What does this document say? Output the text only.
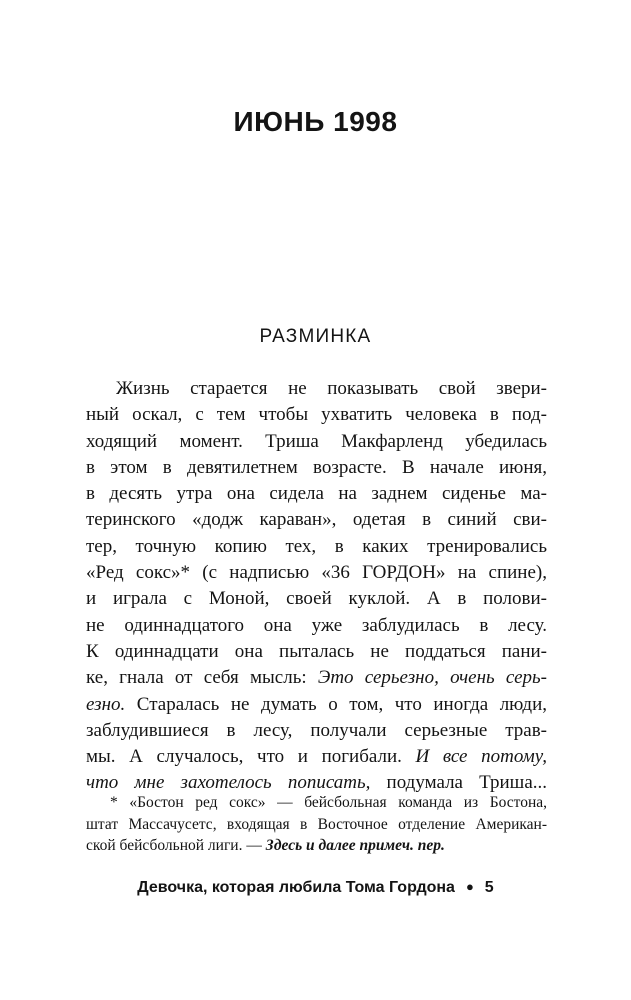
ИЮНЬ 1998
РАЗМИНКА
Жизнь старается не показывать свой звери-
ный оскал, с тем чтобы ухватить человека в под-
ходящий момент. Триша Макфарленд убедилась
в этом в девятилетнем возрасте. В начале июня,
в десять утра она сидела на заднем сиденье ма-
теринского «додж караван», одетая в синий сви-
тер, точную копию тех, в каких тренировались
«Ред сокс»* (с надписью «36 ГОРДОН» на спине),
и играла с Моной, своей куклой. А в полови-
не одиннадцатого она уже заблудилась в лесу.
К одиннадцати она пыталась не поддаться пани-
ке, гнала от себя мысль: Это серьезно, очень серь-
езно. Старалась не думать о том, что иногда люди,
заблудившиеся в лесу, получали серьезные трав-
мы. А случалось, что и погибали. И все потому,
что мне захотелось пописать, подумала Триша...
* «Бостон ред сокс» — бейсбольная команда из Бостона,
штат Массачусетс, входящая в Восточное отделение Американ-
ской бейсбольной лиги. — Здесь и далее примеч. пер.
Девочка, которая любила Тома Гордона ● 5
